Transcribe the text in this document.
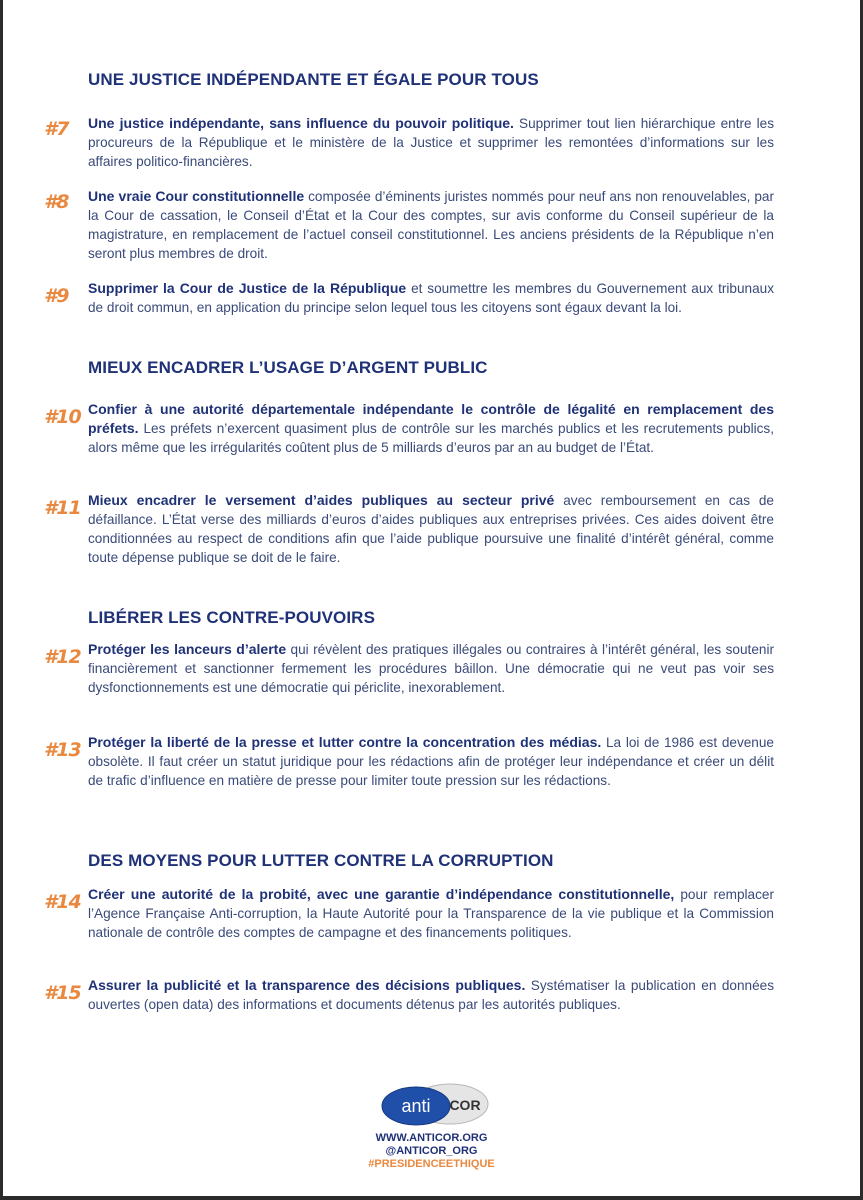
UNE JUSTICE INDÉPENDANTE ET ÉGALE POUR TOUS
#7 Une justice indépendante, sans influence du pouvoir politique. Supprimer tout lien hiérarchique entre les procureurs de la République et le ministère de la Justice et supprimer les remontées d’informations sur les affaires politico-financières.

#8 Une vraie Cour constitutionnelle composée d’éminents juristes nommés pour neuf ans non renouvelables, par la Cour de cassation, le Conseil d’État et la Cour des comptes, sur avis conforme du Conseil supérieur de la magistrature, en remplacement de l’actuel conseil constitutionnel. Les anciens présidents de la République n’en seront plus membres de droit.

#9 Supprimer la Cour de Justice de la République et soumettre les membres du Gouvernement aux tribunaux de droit commun, en application du principe selon lequel tous les citoyens sont égaux devant la loi.

MIEUX ENCADRER L’USAGE D’ARGENT PUBLIC
#10 Confier à une autorité départementale indépendante le contrôle de légalité en remplacement des préfets. Les préfets n’exercent quasiment plus de contrôle sur les marchés publics et les recrutements publics, alors même que les irrégularités coûtent plus de 5 milliards d’euros par an au budget de l’État.

#11 Mieux encadrer le versement d’aides publiques au secteur privé avec remboursement en cas de défaillance. L’État verse des milliards d’euros d’aides publiques aux entreprises privées. Ces aides doivent être conditionnées au respect de conditions afin que l’aide publique poursuive une finalité d’intérêt général, comme toute dépense publique se doit de le faire.

LIBÉRER LES CONTRE-POUVOIRS
#12 Protéger les lanceurs d’alerte qui révèlent des pratiques illégales ou contraires à l’intérêt général, les soutenir financièrement et sanctionner fermement les procédures bâillon. Une démocratie qui ne veut pas voir ses dysfonctionnements est une démocratie qui périclite, inexorablement.

#13 Protéger la liberté de la presse et lutter contre la concentration des médias. La loi de 1986 est devenue obsolète. Il faut créer un statut juridique pour les rédactions afin de protéger leur indépendance et créer un délit de trafic d’influence en matière de presse pour limiter toute pression sur les rédactions.

DES MOYENS POUR LUTTER CONTRE LA CORRUPTION
#14 Créer une autorité de la probité, avec une garantie d’indépendance constitutionnelle, pour remplacer l’Agence Française Anti-corruption, la Haute Autorité pour la Transparence de la vie publique et la Commission nationale de contrôle des comptes de campagne et des financements politiques.

#15 Assurer la publicité et la transparence des décisions publiques. Systématiser la publication en données ouvertes (open data) des informations et documents détenus par les autorités publiques.

anti COR

WWW.ANTICOR.ORG

@ANTICOR_ORG

#PRESIDENCEETHIQUE
